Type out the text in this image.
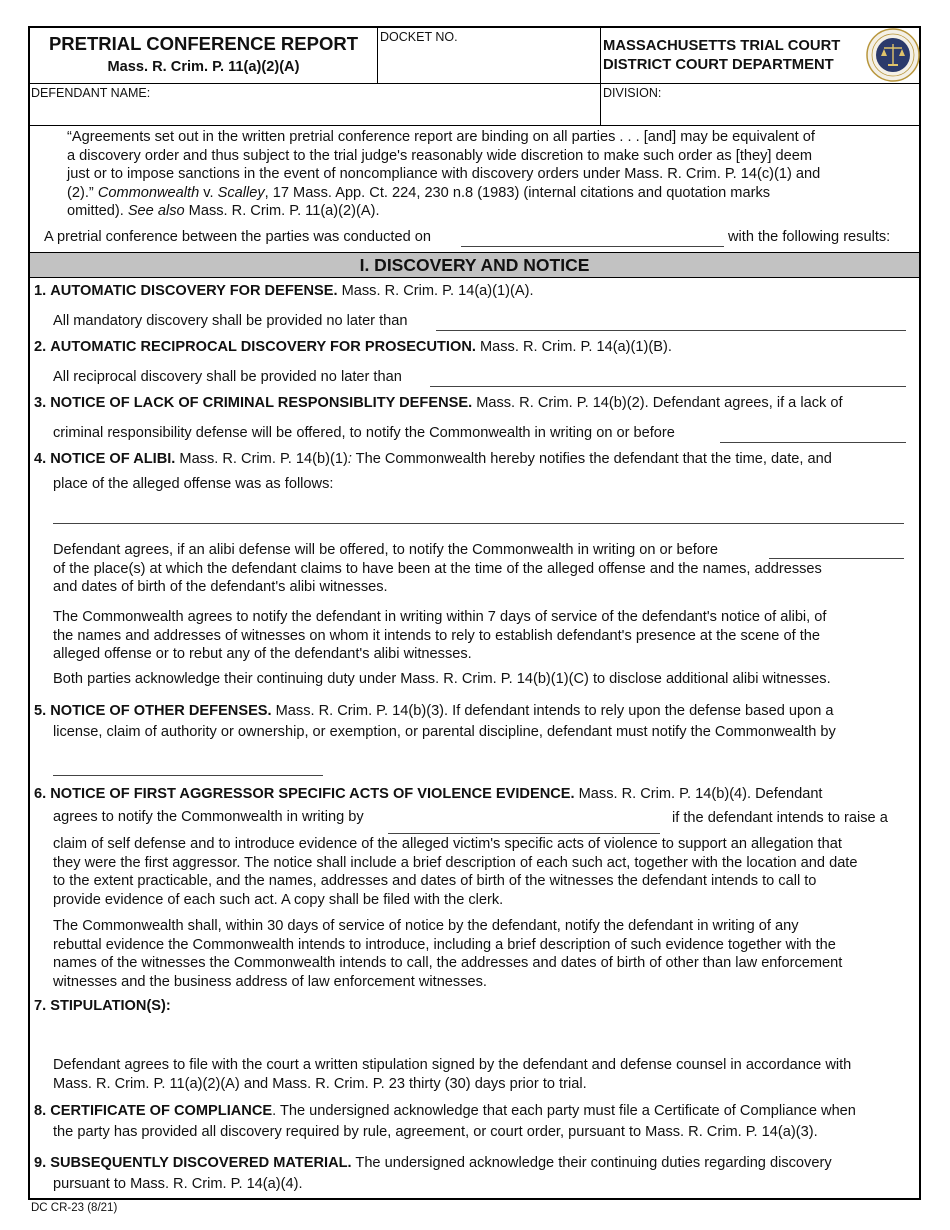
PRETRIAL CONFERENCE REPORT
Mass. R. Crim. P. 11(a)(2)(A)
DOCKET NO.
MASSACHUSETTS TRIAL COURT
DISTRICT COURT DEPARTMENT
DEFENDANT NAME:	DIVISION:
“Agreements set out in the written pretrial conference report are binding on all parties . . . [and] may be equivalent of
a discovery order and thus subject to the trial judge's reasonably wide discretion to make such order as [they] deem
just or to impose sanctions in the event of noncompliance with discovery orders under Mass. R. Crim. P. 14(c)(1) and
(2).” Commonwealth v. Scalley, 17 Mass. App. Ct. 224, 230 n.8 (1983) (internal citations and quotation marks
omitted). See also Mass. R. Crim. P. 11(a)(2)(A).
A pretrial conference between the parties was conducted on	with the following results:
I. DISCOVERY AND NOTICE
1. AUTOMATIC DISCOVERY FOR DEFENSE. Mass. R. Crim. P. 14(a)(1)(A).
All mandatory discovery shall be provided no later than
2. AUTOMATIC RECIPROCAL DISCOVERY FOR PROSECUTION. Mass. R. Crim. P. 14(a)(1)(B).
All reciprocal discovery shall be provided no later than
3. NOTICE OF LACK OF CRIMINAL RESPONSIBLITY DEFENSE. Mass. R. Crim. P. 14(b)(2). Defendant agrees, if a lack of
criminal responsibility defense will be offered, to notify the Commonwealth in writing on or before
4. NOTICE OF ALIBI. Mass. R. Crim. P. 14(b)(1): The Commonwealth hereby notifies the defendant that the time, date, and
place of the alleged offense was as follows:
Defendant agrees, if an alibi defense will be offered, to notify the Commonwealth in writing on or before
of the place(s) at which the defendant claims to have been at the time of the alleged offense and the names, addresses
and dates of birth of the defendant's alibi witnesses.
The Commonwealth agrees to notify the defendant in writing within 7 days of service of the defendant's notice of alibi, of
the names and addresses of witnesses on whom it intends to rely to establish defendant's presence at the scene of the
alleged offense or to rebut any of the defendant's alibi witnesses.
Both parties acknowledge their continuing duty under Mass. R. Crim. P. 14(b)(1)(C) to disclose additional alibi witnesses.
5. NOTICE OF OTHER DEFENSES. Mass. R. Crim. P. 14(b)(3). If defendant intends to rely upon the defense based upon a
license, claim of authority or ownership, or exemption, or parental discipline, defendant must notify the Commonwealth by
6. NOTICE OF FIRST AGGRESSOR SPECIFIC ACTS OF VIOLENCE EVIDENCE. Mass. R. Crim. P. 14(b)(4). Defendant
agrees to notify the Commonwealth in writing by	if the defendant intends to raise a
claim of self defense and to introduce evidence of the alleged victim's specific acts of violence to support an allegation that
they were the first aggressor. The notice shall include a brief description of each such act, together with the location and date
to the extent practicable, and the names, addresses and dates of birth of the witnesses the defendant intends to call to
provide evidence of each such act. A copy shall be filed with the clerk.
The Commonwealth shall, within 30 days of service of notice by the defendant, notify the defendant in writing of any
rebuttal evidence the Commonwealth intends to introduce, including a brief description of such evidence together with the
names of the witnesses the Commonwealth intends to call, the addresses and dates of birth of other than law enforcement
witnesses and the business address of law enforcement witnesses.
7. STIPULATION(S):
Defendant agrees to file with the court a written stipulation signed by the defendant and defense counsel in accordance with
Mass. R. Crim. P. 11(a)(2)(A) and Mass. R. Crim. P. 23 thirty (30) days prior to trial.
8. CERTIFICATE OF COMPLIANCE. The undersigned acknowledge that each party must file a Certificate of Compliance when
the party has provided all discovery required by rule, agreement, or court order, pursuant to Mass. R. Crim. P. 14(a)(3).
9. SUBSEQUENTLY DISCOVERED MATERIAL. The undersigned acknowledge their continuing duties regarding discovery
pursuant to Mass. R. Crim. P. 14(a)(4).
DC CR-23 (8/21)
